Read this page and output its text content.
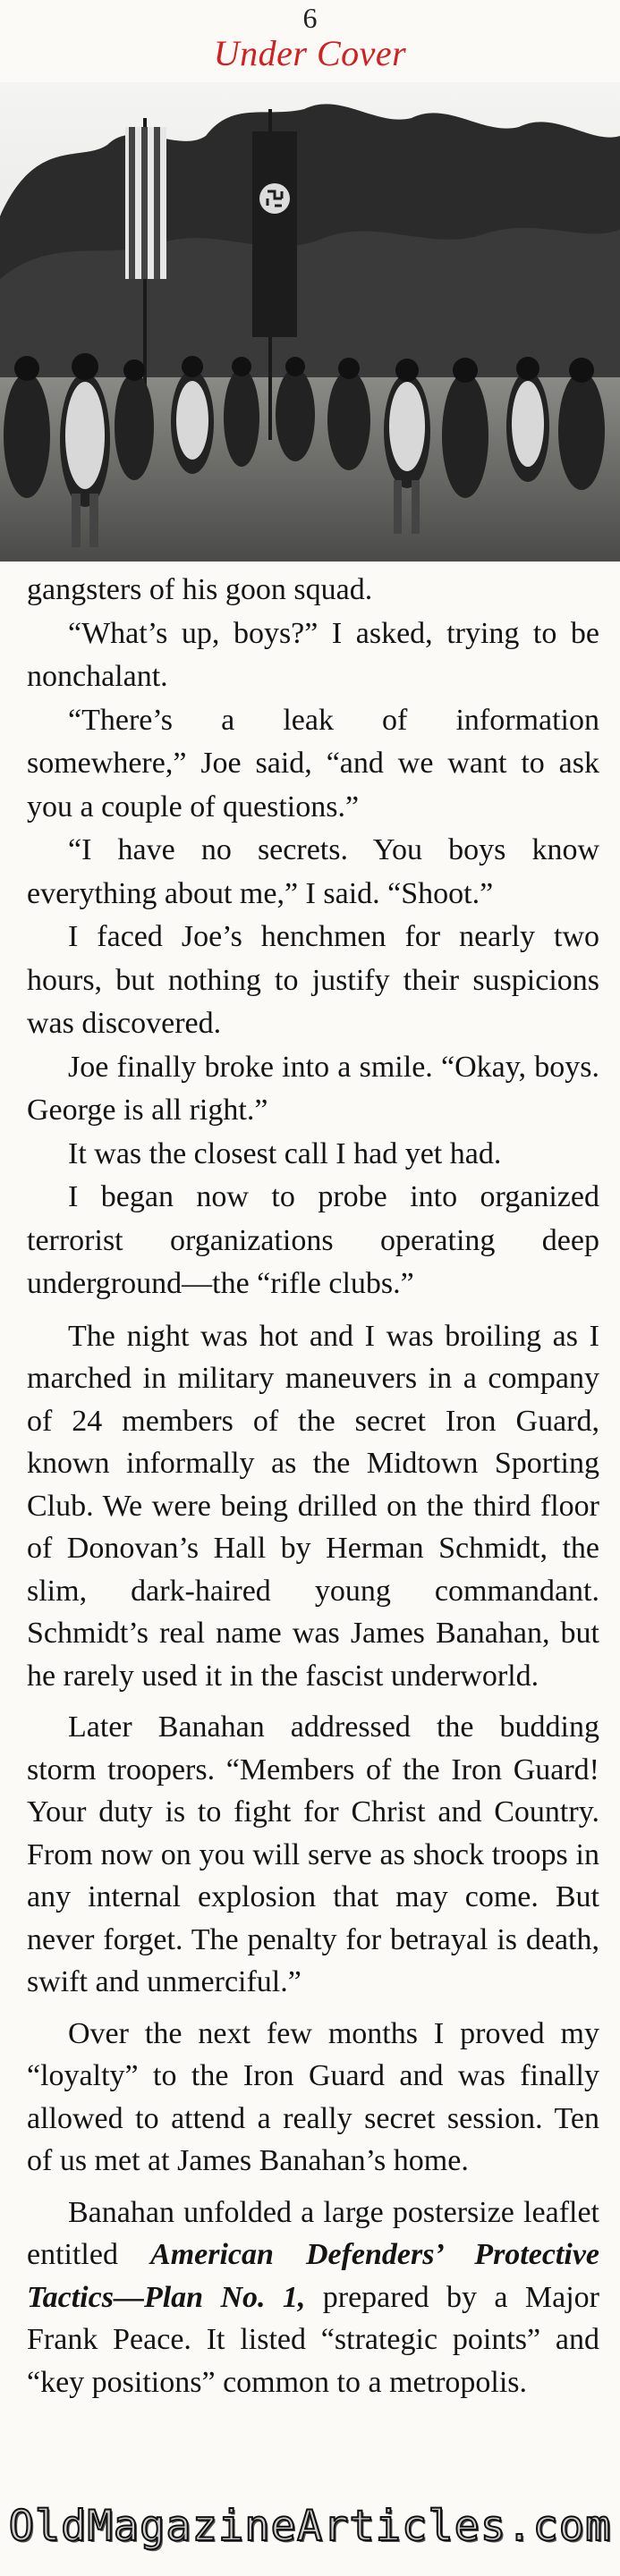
6
Under Cover

gangsters of his goon squad.

“What’s up, boys?” I asked, trying to be nonchalant.

“There’s a leak of information somewhere,” Joe said, “and we want to ask you a couple of questions.”

“I have no secrets. You boys know everything about me,” I said. “Shoot.”

I faced Joe’s henchmen for nearly two hours, but nothing to justify their suspicions was discovered.

Joe finally broke into a smile. “Okay, boys. George is all right.”

It was the closest call I had yet had.

I began now to probe into organized terrorist organizations operating deep underground—the “rifle clubs.”

The night was hot and I was broiling as I marched in military maneuvers in a company of 24 members of the secret Iron Guard, known informally as the Midtown Sporting Club. We were being drilled on the third floor of Donovan’s Hall by Herman Schmidt, the slim, dark-haired young commandant. Schmidt’s real name was James Banahan, but he rarely used it in the fascist underworld.

Later Banahan addressed the budding storm troopers. “Members of the Iron Guard! Your duty is to fight for Christ and Country. From now on you will serve as shock troops in any internal explosion that may come. But never forget. The penalty for betrayal is death, swift and unmerciful.”

Over the next few months I proved my “loyalty” to the Iron Guard and was finally allowed to attend a really secret session. Ten of us met at James Banahan’s home.

Banahan unfolded a large postersize leaflet entitled American Defenders’ Protective Tactics—Plan No. 1, prepared by a Major Frank Peace. It listed “strategic points” and “key positions” common to a metropolis.

OldMagazineArticles.com
